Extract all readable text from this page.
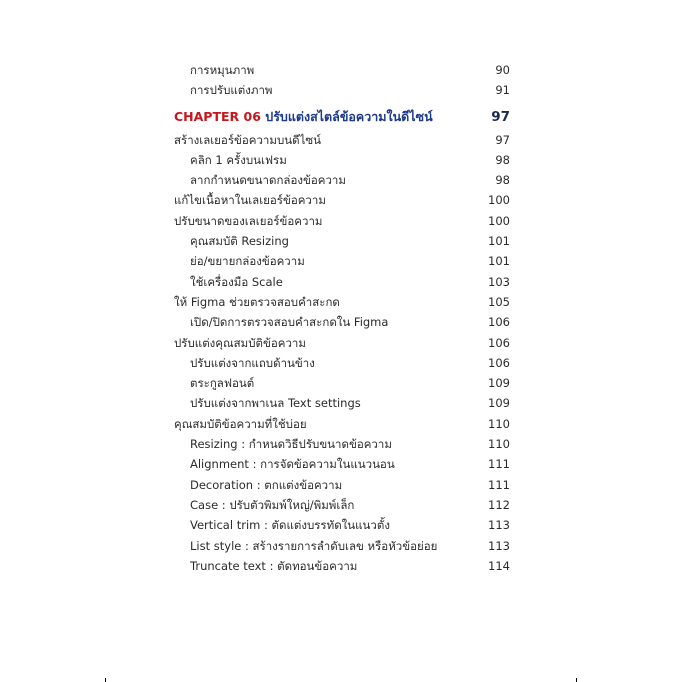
การหมุนภาพ	90
การปรับแต่งภาพ	91
CHAPTER 06 ปรับแต่งสไตล์ข้อความในดีไซน์	97
สร้างเลเยอร์ข้อความบนดีไซน์	97
คลิก 1 ครั้งบนเฟรม	98
ลากกำหนดขนาดกล่องข้อความ	98
แก้ไขเนื้อหาในเลเยอร์ข้อความ	100
ปรับขนาดของเลเยอร์ข้อความ	100
คุณสมบัติ Resizing	101
ย่อ/ขยายกล่องข้อความ	101
ใช้เครื่องมือ Scale	103
ให้ Figma ช่วยตรวจสอบคำสะกด	105
เปิด/ปิดการตรวจสอบคำสะกดใน Figma	106
ปรับแต่งคุณสมบัติข้อความ	106
ปรับแต่งจากแถบด้านข้าง	106
ตระกูลฟอนต์	109
ปรับแต่งจากพาเนล Text settings	109
คุณสมบัติข้อความที่ใช้บ่อย	110
Resizing : กำหนดวิธีปรับขนาดข้อความ	110
Alignment : การจัดข้อความในแนวนอน	111
Decoration : ตกแต่งข้อความ	111
Case : ปรับตัวพิมพ์ใหญ่/พิมพ์เล็ก	112
Vertical trim : ตัดแต่งบรรทัดในแนวตั้ง	113
List style : สร้างรายการลำดับเลข หรือหัวข้อย่อย	113
Truncate text : ตัดทอนข้อความ	114
